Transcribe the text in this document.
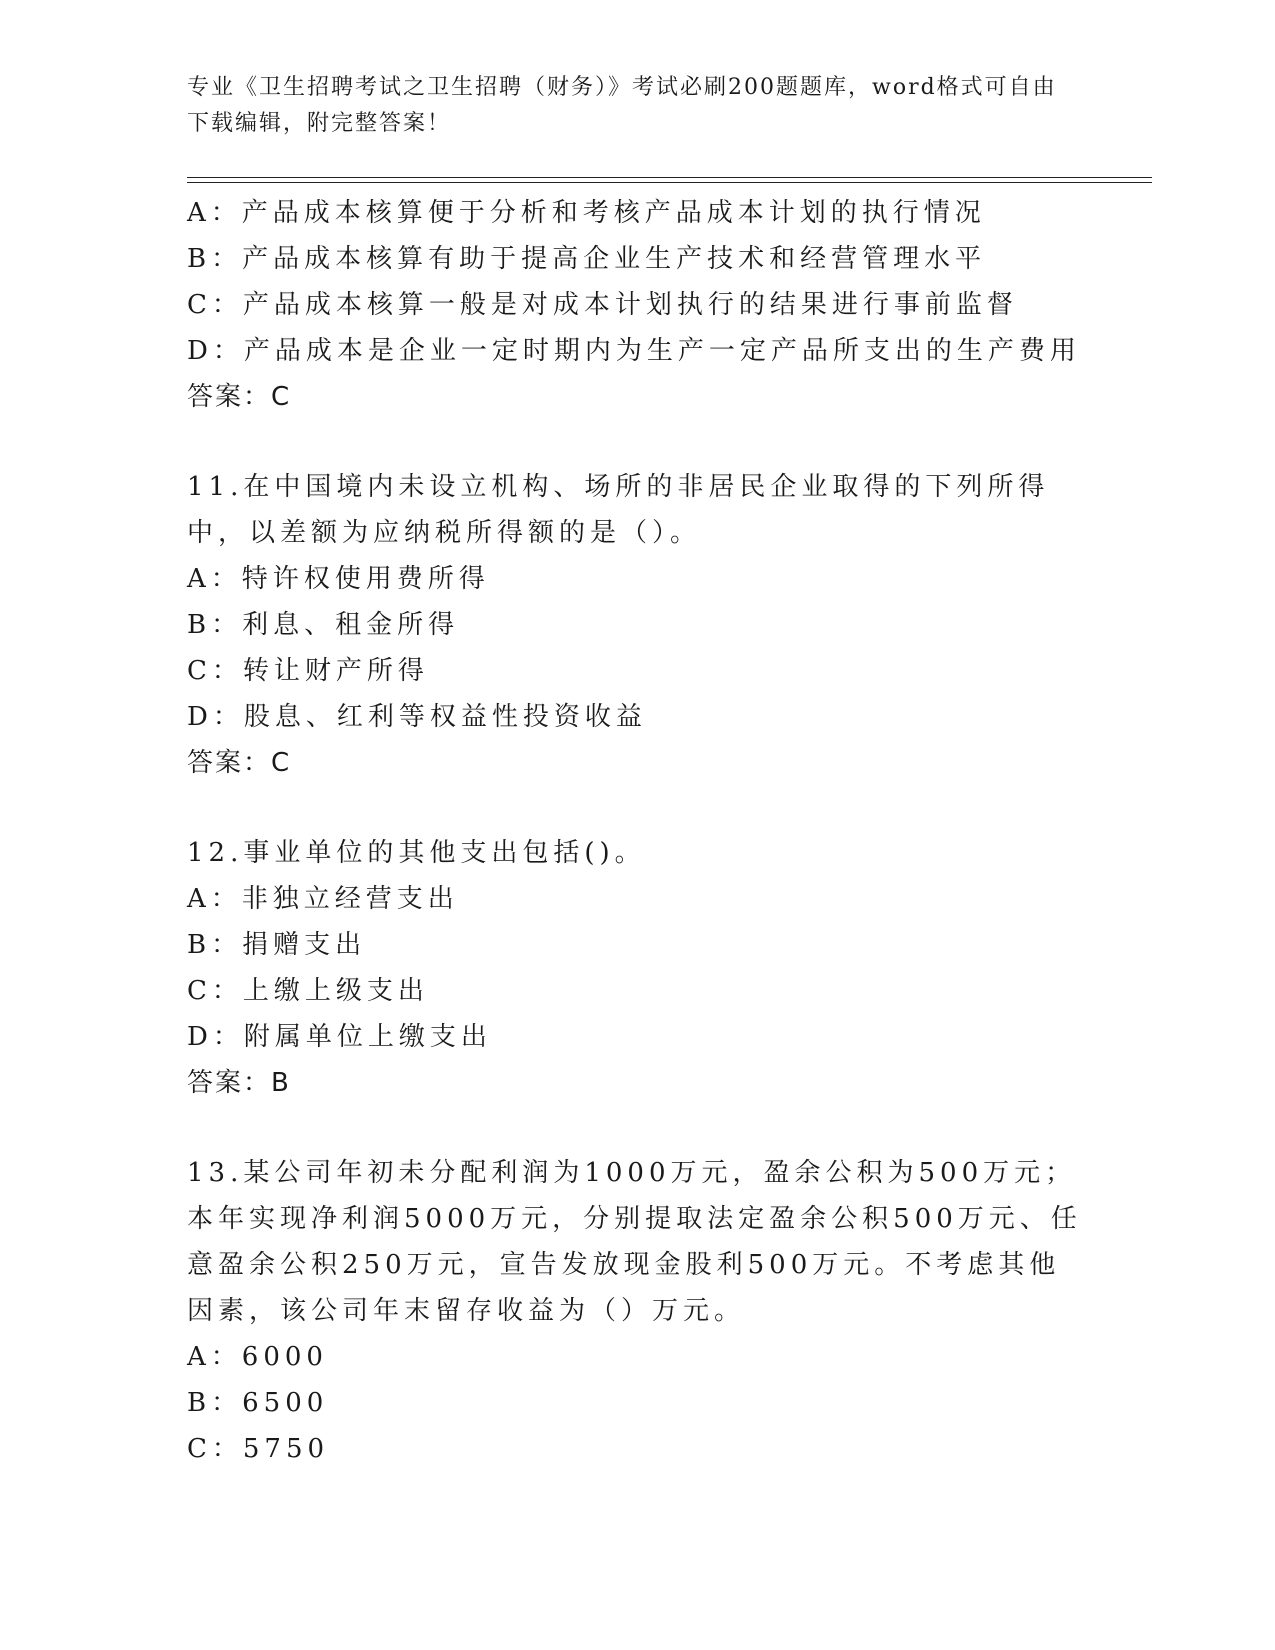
专业《卫生招聘考试之卫生招聘（财务）》考试必刷200题题库，word格式可自由下载编辑，附完整答案！
A：产品成本核算便于分析和考核产品成本计划的执行情况
B：产品成本核算有助于提高企业生产技术和经营管理水平
C：产品成本核算一般是对成本计划执行的结果进行事前监督
D：产品成本是企业一定时期内为生产一定产品所支出的生产费用
答案：C
11.在中国境内未设立机构、场所的非居民企业取得的下列所得中，以差额为应纳税所得额的是（）。
A：特许权使用费所得
B：利息、租金所得
C：转让财产所得
D：股息、红利等权益性投资收益
答案：C
12.事业单位的其他支出包括()。
A：非独立经营支出
B：捐赠支出
C：上缴上级支出
D：附属单位上缴支出
答案：B
13.某公司年初未分配利润为1000万元，盈余公积为500万元；本年实现净利润5000万元，分别提取法定盈余公积500万元、任意盈余公积250万元，宣告发放现金股利500万元。不考虑其他因素，该公司年末留存收益为（）万元。
A：6000
B：6500
C：5750
